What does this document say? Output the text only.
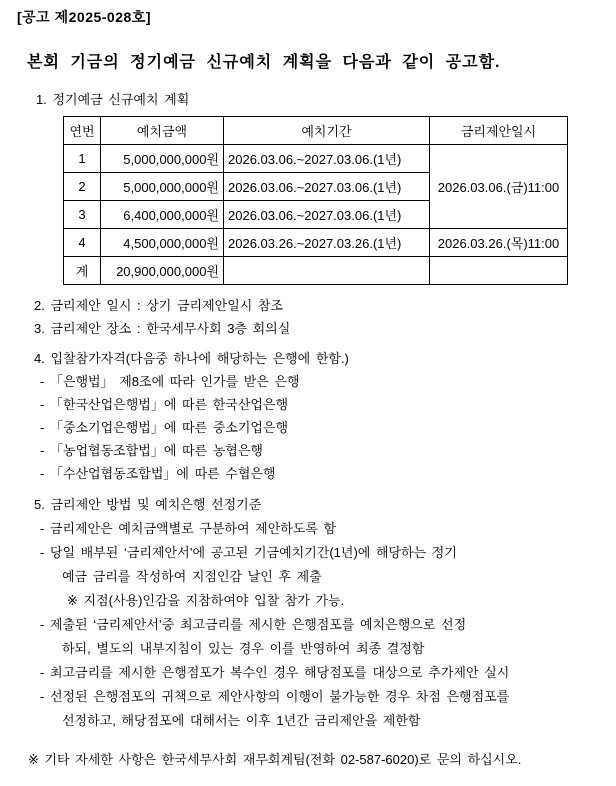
[공고 제2025-028호]
본회 기금의 정기예금 신규예치 계획을 다음과 같이 공고함.
1. 정기예금 신규예치 계획
연번	예치금액	예치기간	금리제안일시
1	5,000,000,000원	2026.03.06.~2027.03.06.(1년)	2026.03.06.(금)11:00
2	5,000,000,000원	2026.03.06.~2027.03.06.(1년)	
3	6,400,000,000원	2026.03.06.~2027.03.06.(1년)	
4	4,500,000,000원	2026.03.26.~2027.03.26.(1년)	2026.03.26.(목)11:00
계	20,900,000,000원		
2. 금리제안 일시 : 상기 금리제안일시 참조
3. 금리제안 장소 : 한국세무사회 3층 회의실
4. 입찰참가자격(다음중 하나에 해당하는 은행에 한함.)
- 「은행법」 제8조에 따라 인가를 받은 은행
- 「한국산업은행법」에 따른 한국산업은행
- 「중소기업은행법」에 따른 중소기업은행
- 「농업협동조합법」에 따른 농협은행
- 「수산업협동조합법」에 따른 수협은행
5. 금리제안 방법 및 예치은행 선정기준
- 금리제안은 예치금액별로 구분하여 제안하도록 함
- 당일 배부된 ‘금리제안서’에 공고된 기금예치기간(1년)에 해당하는 정기
예금 금리를 작성하여 지점인감 날인 후 제출
※ 지점(사용)인감을 지참하여야 입찰 참가 가능.
- 제출된 ‘금리제안서’중 최고금리를 제시한 은행점포를 예치은행으로 선정
하되, 별도의 내부지침이 있는 경우 이를 반영하여 최종 결정함
- 최고금리를 제시한 은행점포가 복수인 경우 해당점포를 대상으로 추가제안 실시
- 선정된 은행점포의 귀책으로 제안사항의 이행이 불가능한 경우 차점 은행점포를
선정하고, 해당점포에 대해서는 이후 1년간 금리제안을 제한함
※ 기타 자세한 사항은 한국세무사회 재무회계팀(전화 02-587-6020)로 문의 하십시오.
